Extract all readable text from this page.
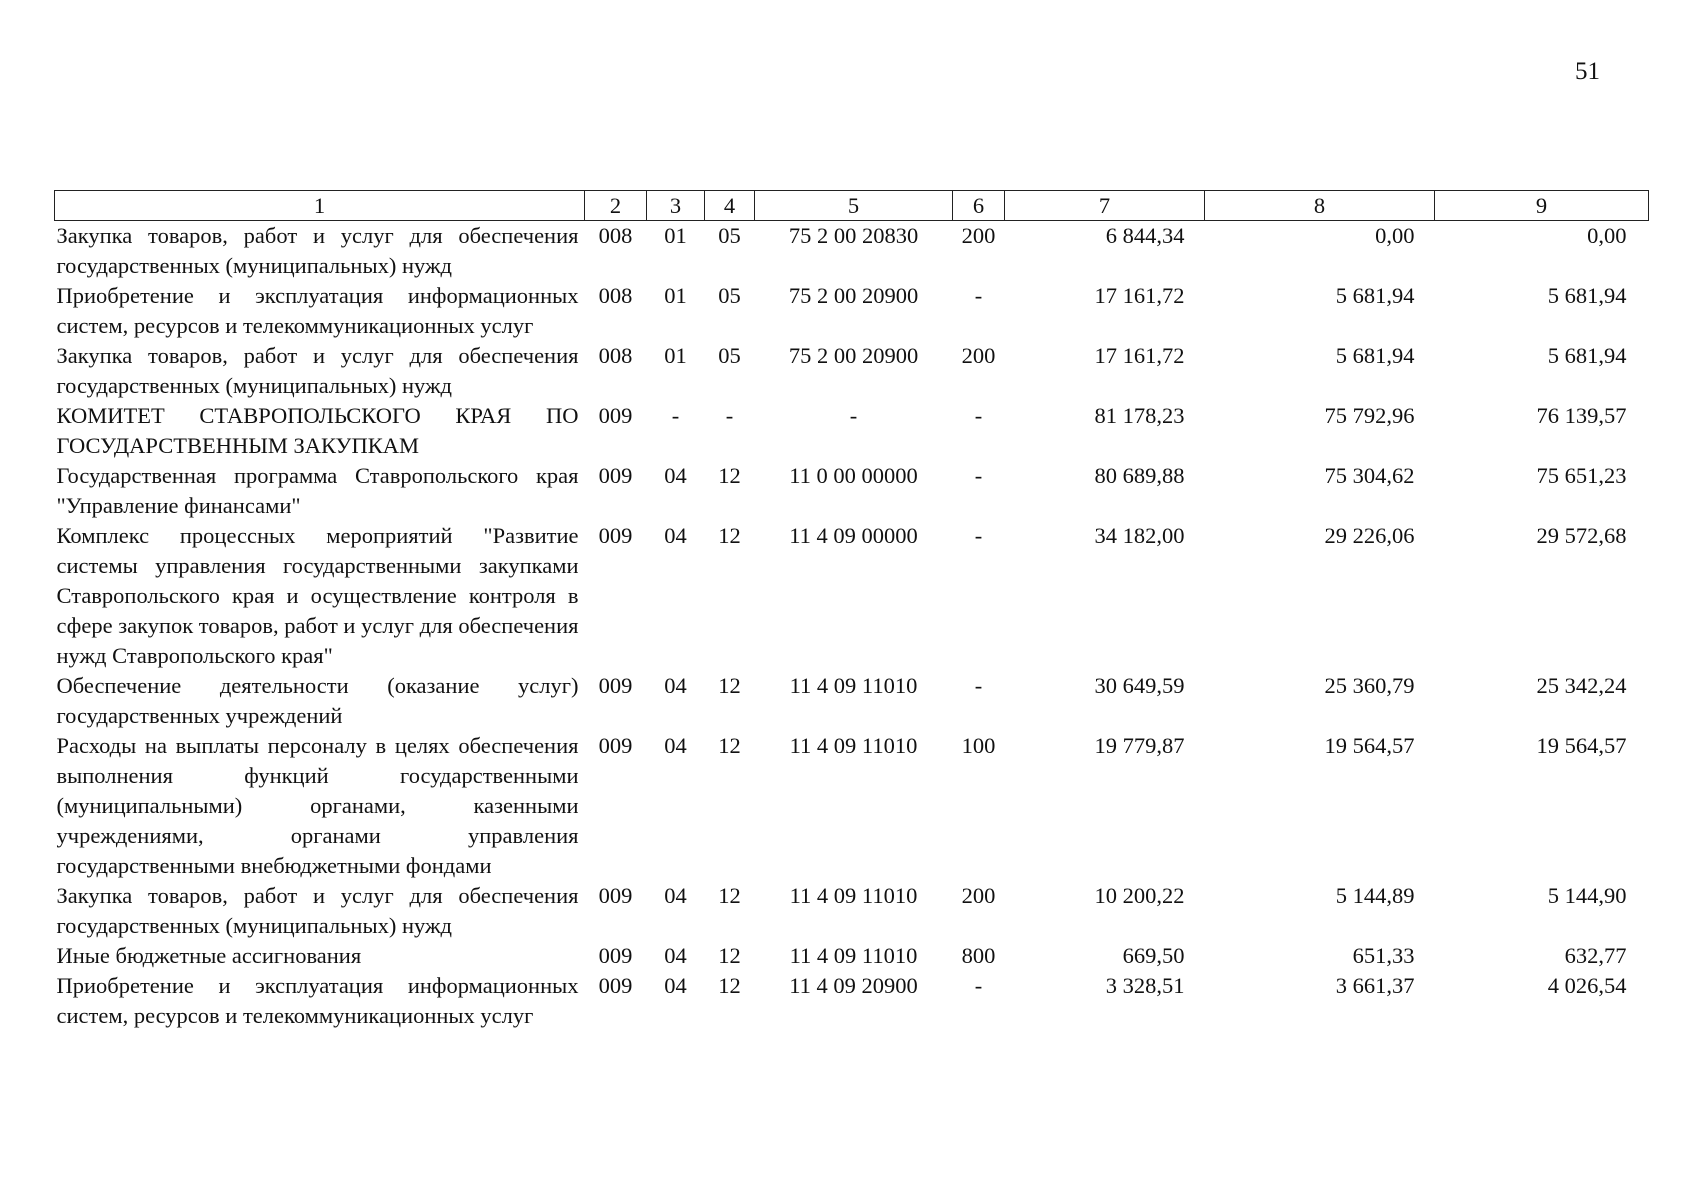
51
1	2	3	4	5	6	7	8	9
Закупка товаров, работ и услуг для обеспечения государственных (муниципальных) нужд	008	01	05	75 2 00 20830	200	6 844,34	0,00	0,00
Приобретение и эксплуатация информационных систем, ресурсов и телекоммуникационных услуг	008	01	05	75 2 00 20900	-	17 161,72	5 681,94	5 681,94
Закупка товаров, работ и услуг для обеспечения государственных (муниципальных) нужд	008	01	05	75 2 00 20900	200	17 161,72	5 681,94	5 681,94
КОМИТЕТ СТАВРОПОЛЬСКОГО КРАЯ ПО ГОСУДАРСТВЕННЫМ ЗАКУПКАМ	009	-	-	-	-	81 178,23	75 792,96	76 139,57
Государственная программа Ставропольского края "Управление финансами"	009	04	12	11 0 00 00000	-	80 689,88	75 304,62	75 651,23
Комплекс процессных мероприятий "Развитие системы управления государственными закупками Ставропольского края и осуществление контроля в сфере закупок товаров, работ и услуг для обеспечения нужд Ставропольского края"	009	04	12	11 4 09 00000	-	34 182,00	29 226,06	29 572,68
Обеспечение деятельности (оказание услуг) государственных учреждений	009	04	12	11 4 09 11010	-	30 649,59	25 360,79	25 342,24
Расходы на выплаты персоналу в целях обеспечения выполнения функций государственными (муниципальными) органами, казенными учреждениями, органами управления государственными внебюджетными фондами	009	04	12	11 4 09 11010	100	19 779,87	19 564,57	19 564,57
Закупка товаров, работ и услуг для обеспечения государственных (муниципальных) нужд	009	04	12	11 4 09 11010	200	10 200,22	5 144,89	5 144,90
Иные бюджетные ассигнования	009	04	12	11 4 09 11010	800	669,50	651,33	632,77
Приобретение и эксплуатация информационных систем, ресурсов и телекоммуникационных услуг	009	04	12	11 4 09 20900	-	3 328,51	3 661,37	4 026,54
